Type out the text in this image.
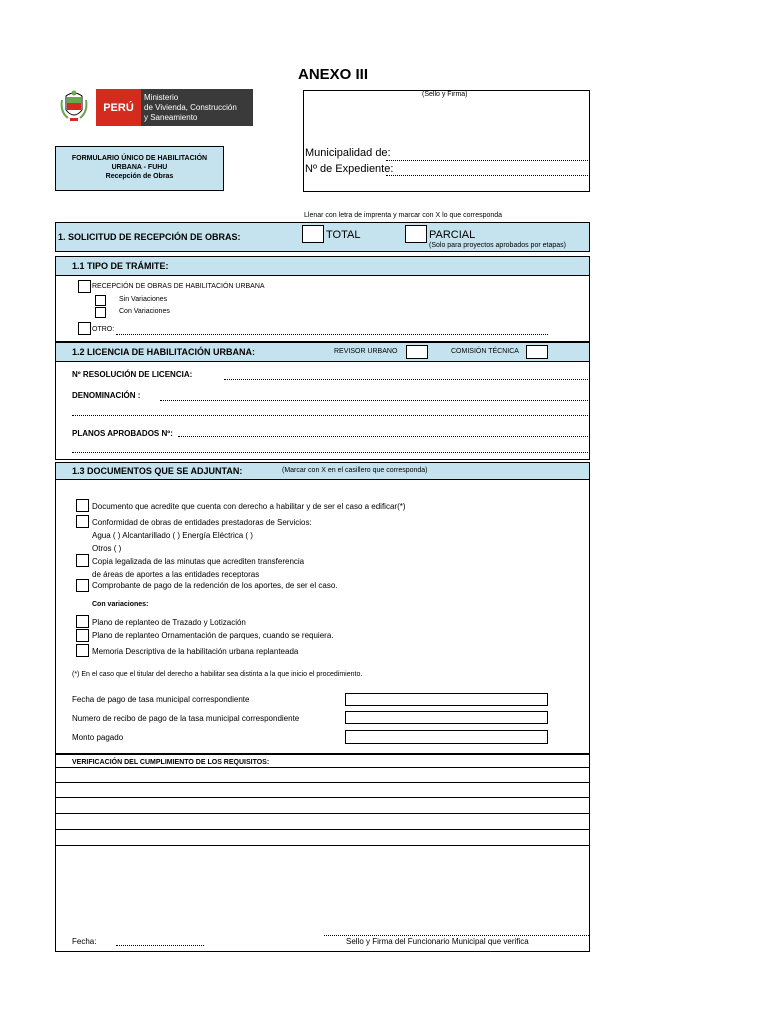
ANEXO III
PERÚ
Ministerio
de Vivienda, Construcción
y Saneamiento
(Sello y Firma)
Municipalidad de:
Nº de Expediente:
FORMULARIO ÚNICO DE HABILITACIÓN
URBANA - FUHU
Recepción de Obras
Llenar con letra de imprenta y marcar con X lo que corresponda
1. SOLICITUD DE RECEPCIÓN DE OBRAS:	TOTAL	PARCIAL
(Solo para proyectos aprobados por etapas)
1.1 TIPO DE TRÁMITE:
RECEPCIÓN DE OBRAS DE HABILITACIÓN URBANA
Sin Variaciones
Con Variaciones
OTRO:
1.2 LICENCIA DE HABILITACIÓN URBANA:	REVISOR URBANO	COMISIÓN TÉCNICA
Nº RESOLUCIÓN DE LICENCIA:
DENOMINACIÓN :
PLANOS APROBADOS Nº:
1.3 DOCUMENTOS QUE SE ADJUNTAN:	(Marcar con X en el casillero que corresponda)
Documento que acredite que cuenta con derecho a habilitar y de ser el caso a edificar(*)
Conformidad de obras de entidades prestadoras de Servicios:
Agua ( ) Alcantarillado ( ) Energía Eléctrica ( )
Otros ( )
Copia legalizada de las minutas que acrediten transferencia
de áreas de aportes a las entidades receptoras
Comprobante de pago de la redención de los aportes, de ser el caso.
Con variaciones:
Plano de replanteo de Trazado y Lotización
Plano de replanteo Ornamentación de parques, cuando se requiera.
Memoria Descriptiva de la habilitación urbana replanteada
(*) En el caso que el titular del derecho a habilitar sea distinta a la que inicio el procedimiento.
Fecha de pago de tasa municipal correspondiente
Numero de recibo de pago de la tasa municipal correspondiente
Monto pagado
VERIFICACIÓN DEL CUMPLIMIENTO DE LOS REQUISITOS:
Fecha:	Sello y Firma del Funcionario Municipal que verifica
